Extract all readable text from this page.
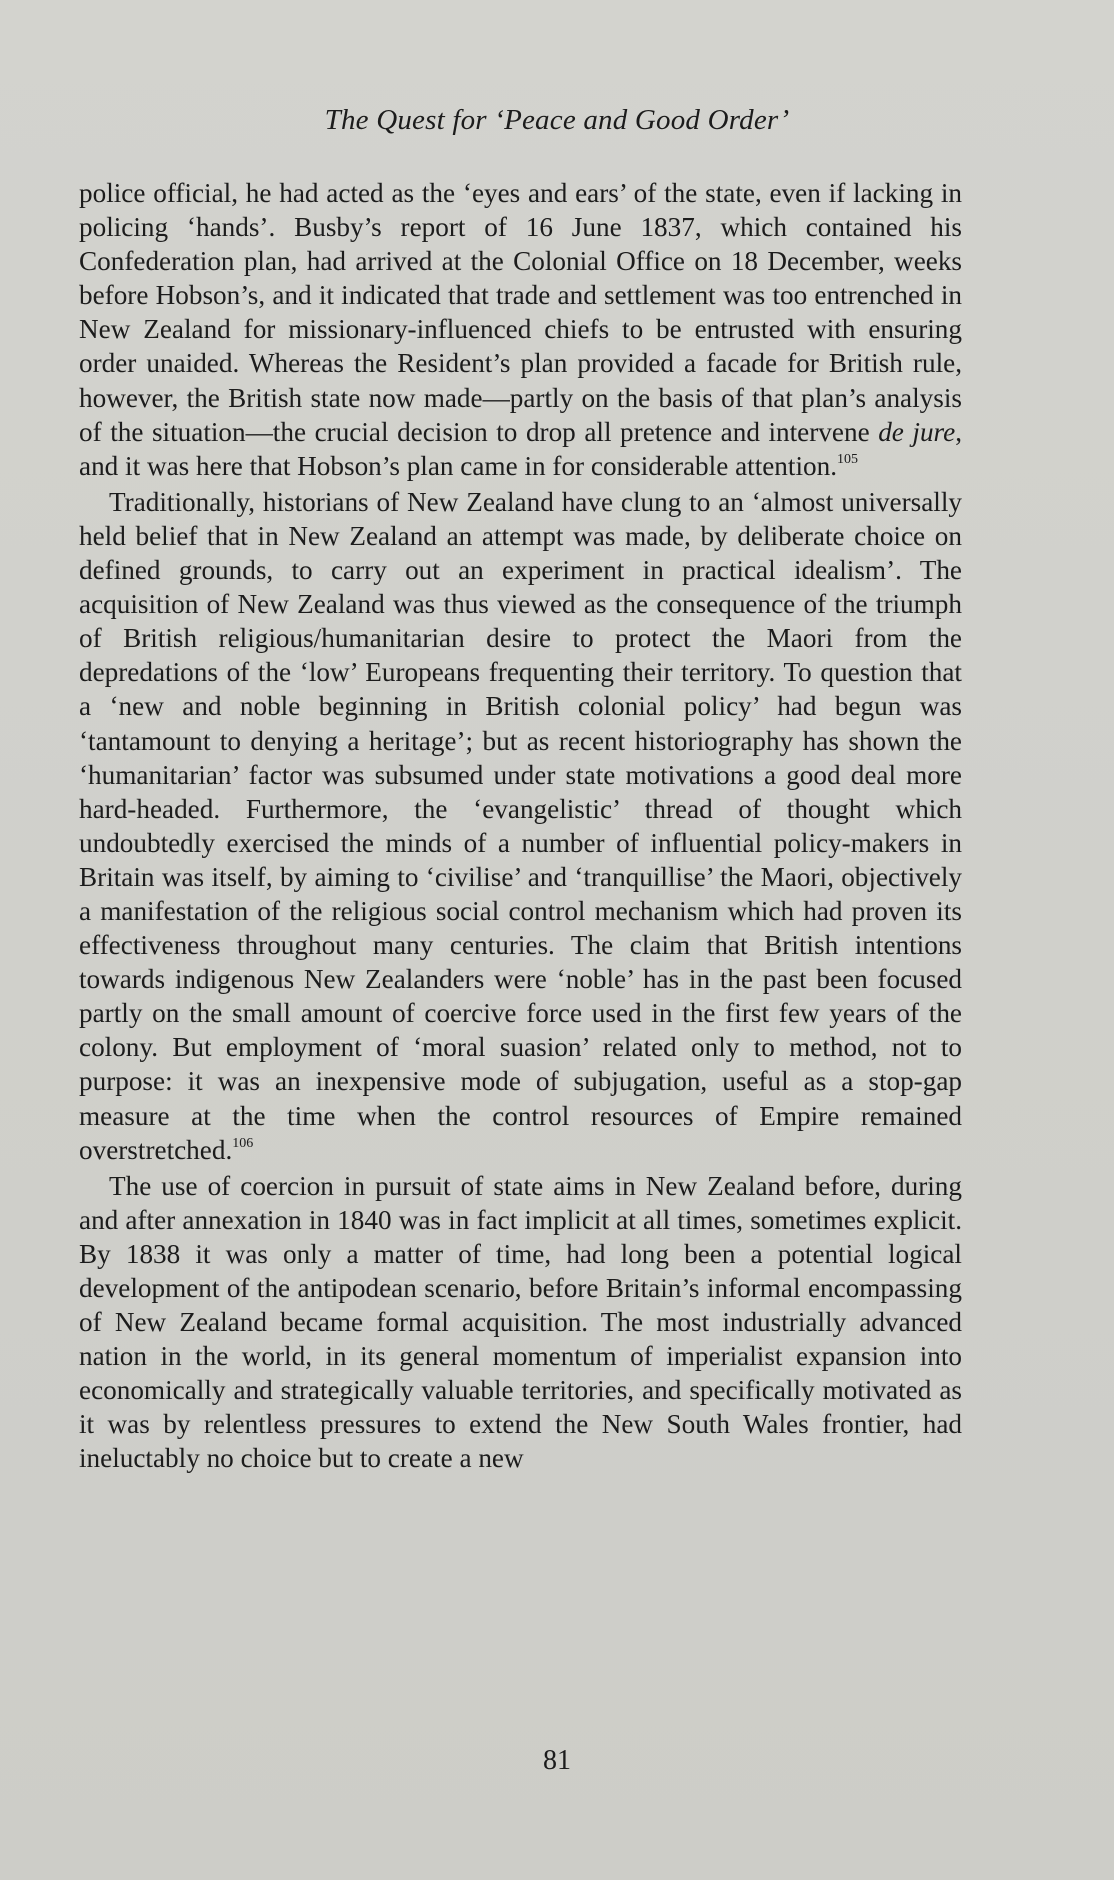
The Quest for ‘Peace and Good Order’

police official, he had acted as the ‘eyes and ears’ of the state, even if lacking in policing ‘hands’. Busby’s report of 16 June 1837, which contained his Confederation plan, had arrived at the Colonial Office on 18 December, weeks before Hobson’s, and it indicated that trade and settlement was too entrenched in New Zealand for missionary-influenced chiefs to be entrusted with ensuring order unaided. Whereas the Resident’s plan provided a facade for British rule, however, the British state now made—partly on the basis of that plan’s analysis of the situation—the crucial decision to drop all pretence and intervene de jure, and it was here that Hobson’s plan came in for considerable attention.$^{105}$

Traditionally, historians of New Zealand have clung to an ‘almost universally held belief that in New Zealand an attempt was made, by deliberate choice on defined grounds, to carry out an experiment in practical idealism’. The acquisition of New Zealand was thus viewed as the consequence of the triumph of British religious/humanitarian desire to protect the Maori from the depredations of the ‘low’ Europeans frequenting their territory. To question that a ‘new and noble beginning in British colonial policy’ had begun was ‘tantamount to denying a heritage’; but as recent historiography has shown the ‘humanitarian’ factor was subsumed under state motivations a good deal more hard-headed. Furthermore, the ‘evangelistic’ thread of thought which undoubtedly exercised the minds of a number of influential policy-makers in Britain was itself, by aiming to ‘civilise’ and ‘tranquillise’ the Maori, objectively a manifestation of the religious social control mechanism which had proven its effectiveness throughout many centuries. The claim that British intentions towards indigenous New Zealanders were ‘noble’ has in the past been focused partly on the small amount of coercive force used in the first few years of the colony. But employment of ‘moral suasion’ related only to method, not to purpose: it was an inexpensive mode of subjugation, useful as a stop-gap measure at the time when the control resources of Empire remained overstretched.$^{106}$

The use of coercion in pursuit of state aims in New Zealand before, during and after annexation in 1840 was in fact implicit at all times, sometimes explicit. By 1838 it was only a matter of time, had long been a potential logical development of the antipodean scenario, before Britain’s informal encompassing of New Zealand became formal acquisition. The most industrially advanced nation in the world, in its general momentum of imperialist expansion into economically and strategically valuable territories, and specifically motivated as it was by relentless pressures to extend the New South Wales frontier, had ineluctably no choice but to create a new

81
